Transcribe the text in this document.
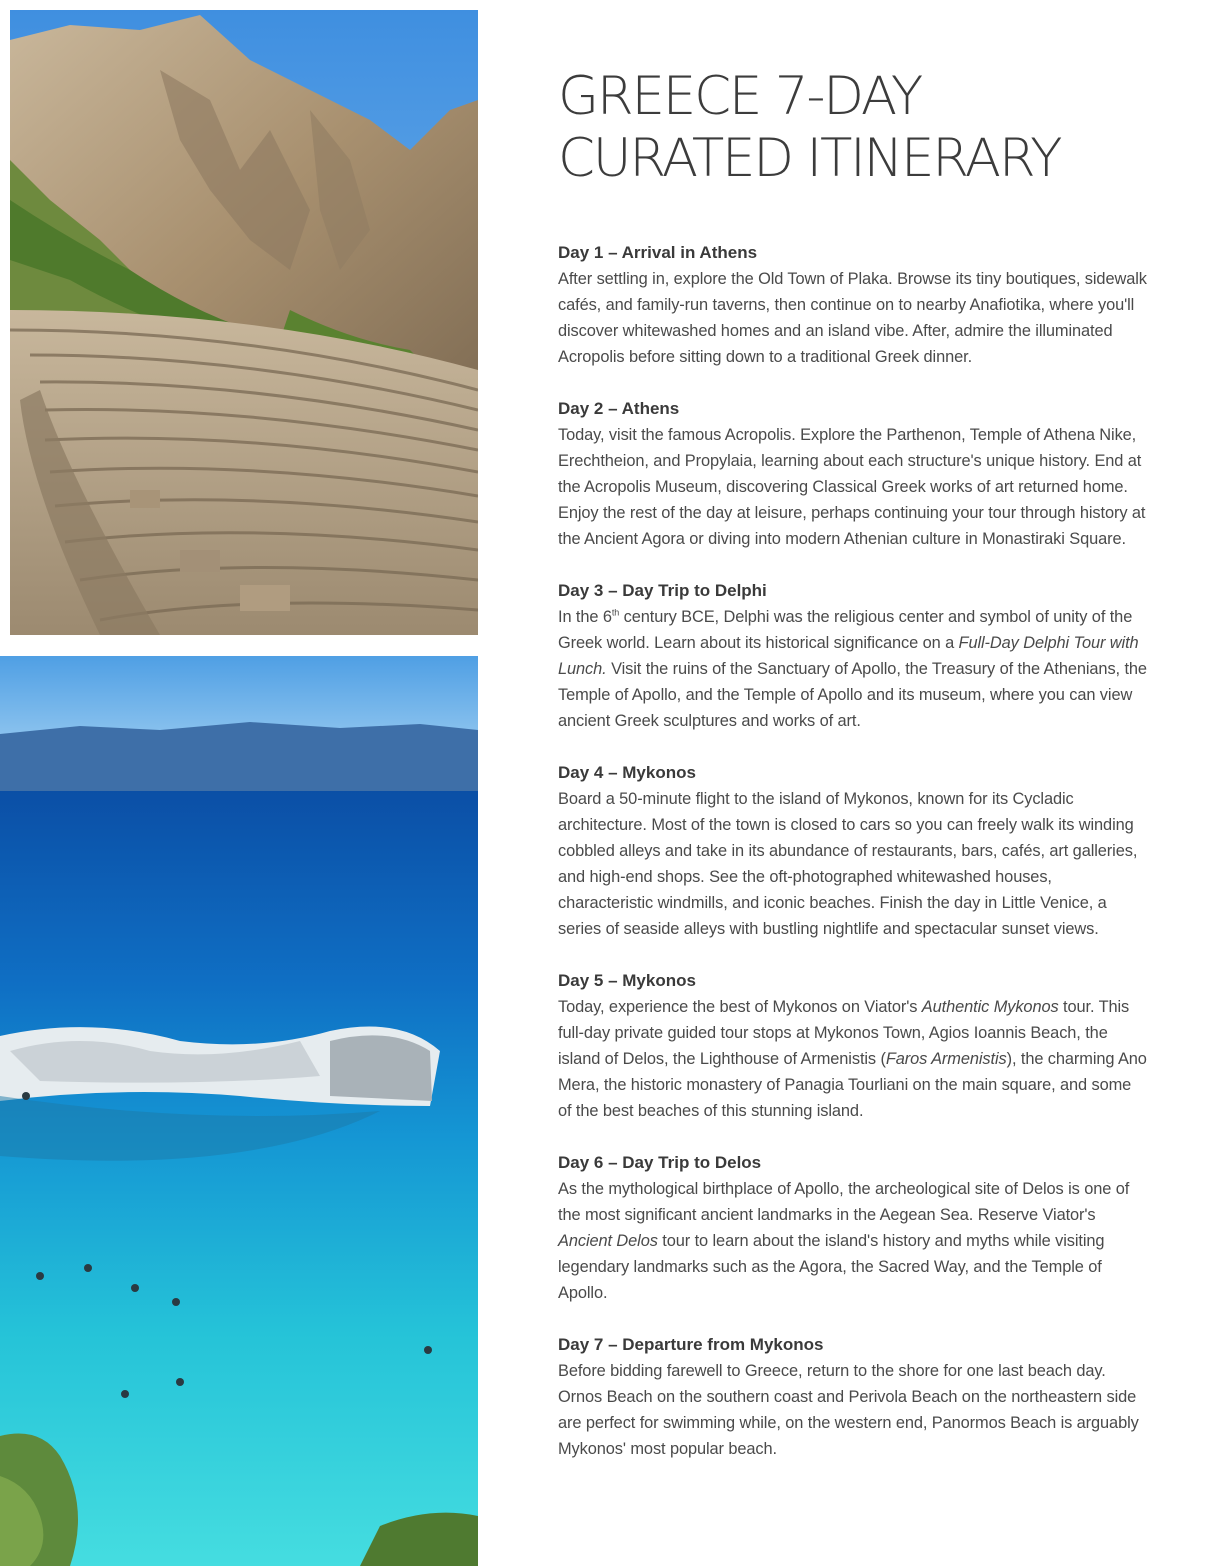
GREECE 7-DAY
CURATED ITINERARY
Day 1 – Arrival in Athens

After settling in, explore the Old Town of Plaka. Browse its tiny boutiques, sidewalk cafés, and family-run taverns, then continue on to nearby Anafiotika, where you'll discover whitewashed homes and an island vibe. After, admire the illuminated Acropolis before sitting down to a traditional Greek dinner.

Day 2 – Athens

Today, visit the famous Acropolis. Explore the Parthenon, Temple of Athena Nike, Erechtheion, and Propylaia, learning about each structure's unique history. End at the Acropolis Museum, discovering Classical Greek works of art returned home. Enjoy the rest of the day at leisure, perhaps continuing your tour through history at the Ancient Agora or diving into modern Athenian culture in Monastiraki Square.

Day 3 – Day Trip to Delphi

In the 6th century BCE, Delphi was the religious center and symbol of unity of the Greek world. Learn about its historical significance on a Full-Day Delphi Tour with Lunch. Visit the ruins of the Sanctuary of Apollo, the Treasury of the Athenians, the Temple of Apollo, and the Temple of Apollo and its museum, where you can view ancient Greek sculptures and works of art.

Day 4 – Mykonos

Board a 50-minute flight to the island of Mykonos, known for its Cycladic architecture. Most of the town is closed to cars so you can freely walk its winding cobbled alleys and take in its abundance of restaurants, bars, cafés, art galleries, and high-end shops. See the oft-photographed whitewashed houses, characteristic windmills, and iconic beaches. Finish the day in Little Venice, a series of seaside alleys with bustling nightlife and spectacular sunset views.

Day 5 – Mykonos

Today, experience the best of Mykonos on Viator's Authentic Mykonos tour. This full-day private guided tour stops at Mykonos Town, Agios Ioannis Beach, the island of Delos, the Lighthouse of Armenistis (Faros Armenistis), the charming Ano Mera, the historic monastery of Panagia Tourliani on the main square, and some of the best beaches of this stunning island.

Day 6 – Day Trip to Delos

As the mythological birthplace of Apollo, the archeological site of Delos is one of the most significant ancient landmarks in the Aegean Sea. Reserve Viator's Ancient Delos tour to learn about the island's history and myths while visiting legendary landmarks such as the Agora, the Sacred Way, and the Temple of Apollo.

Day 7 – Departure from Mykonos

Before bidding farewell to Greece, return to the shore for one last beach day. Ornos Beach on the southern coast and Perivola Beach on the northeastern side are perfect for swimming while, on the western end, Panormos Beach is arguably Mykonos' most popular beach.
